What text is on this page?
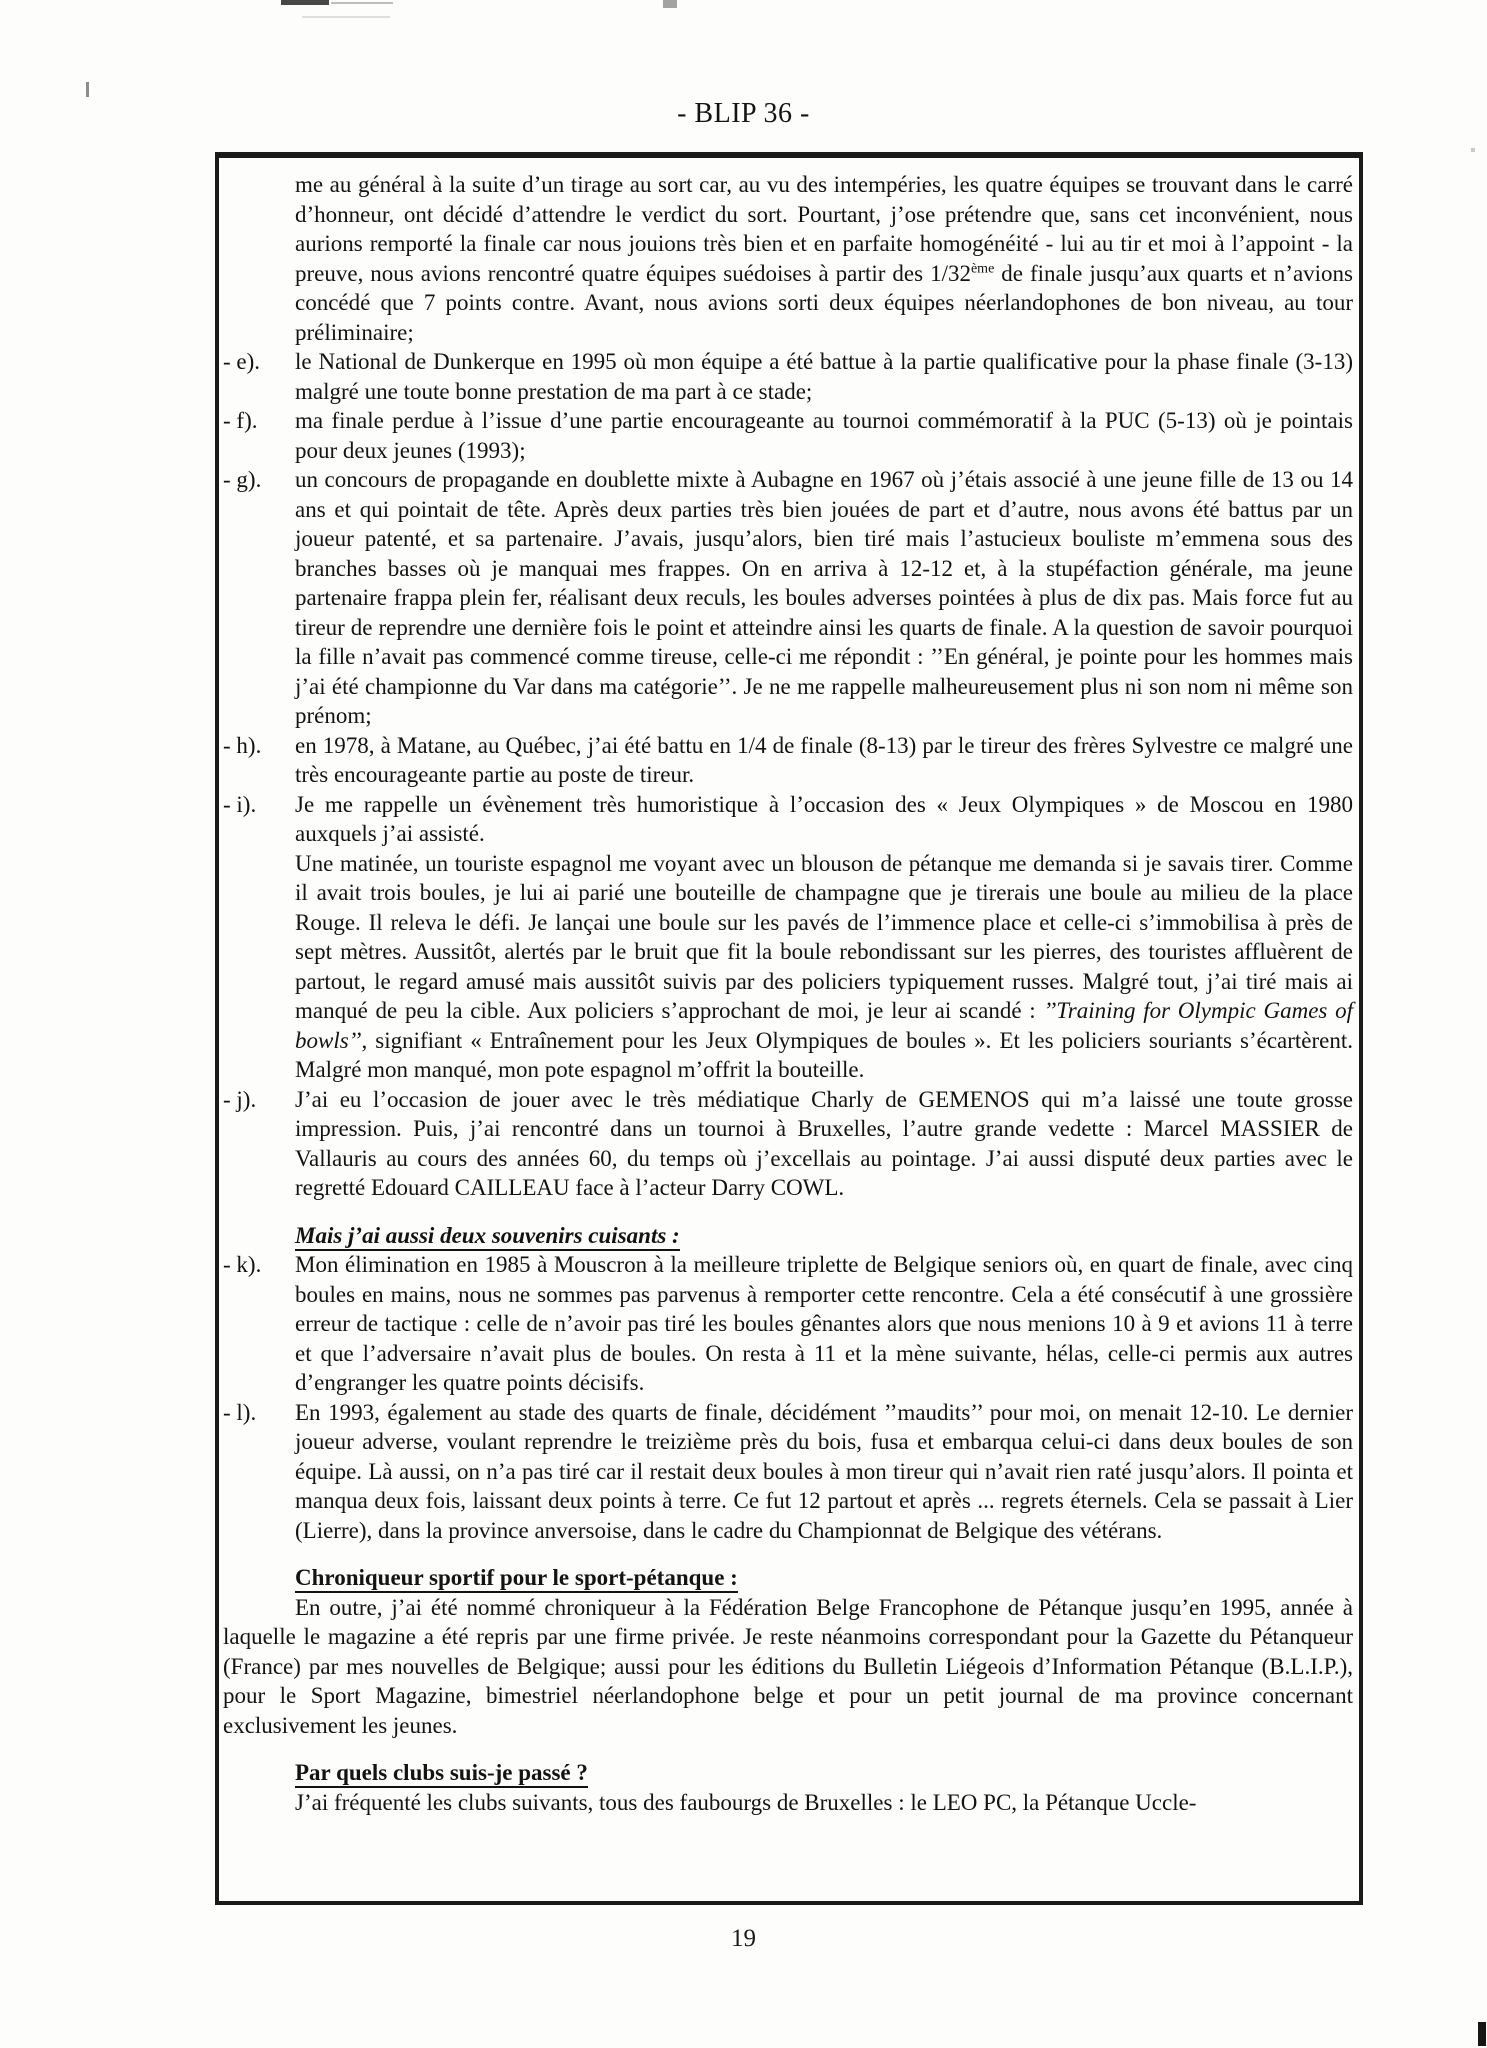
- BLIP 36 -

me au général à la suite d’un tirage au sort car, au vu des intempéries, les quatre équipes se trouvant dans le carré d’honneur, ont décidé d’attendre le verdict du sort. Pourtant, j’ose prétendre que, sans cet inconvénient, nous aurions remporté la finale car nous jouions très bien et en parfaite homogénéité - lui au tir et moi à l’appoint - la preuve, nous avions rencontré quatre équipes suédoises à partir des 1/32ème de finale jusqu’aux quarts et n’avions concédé que 7 points contre. Avant, nous avions sorti deux équipes néerlandophones de bon niveau, au tour préliminaire;

- e). le National de Dunkerque en 1995 où mon équipe a été battue à la partie qualificative pour la phase finale (3-13) malgré une toute bonne prestation de ma part à ce stade;
- f). ma finale perdue à l’issue d’une partie encourageante au tournoi commémoratif à la PUC (5-13) où je pointais pour deux jeunes (1993);
- g). un concours de propagande en doublette mixte à Aubagne en 1967 où j’étais associé à une jeune fille de 13 ou 14 ans et qui pointait de tête. Après deux parties très bien jouées de part et d’autre, nous avons été battus par un joueur patenté, et sa partenaire. J’avais, jusqu’alors, bien tiré mais l’astucieux bouliste m’emmena sous des branches basses où je manquai mes frappes. On en arriva à 12-12 et, à la stupéfaction générale, ma jeune partenaire frappa plein fer, réalisant deux reculs, les boules adverses pointées à plus de dix pas. Mais force fut au tireur de reprendre une dernière fois le point et atteindre ainsi les quarts de finale. A la question de savoir pourquoi la fille n’avait pas commencé comme tireuse, celle-ci me répondit : ’’En général, je pointe pour les hommes mais j’ai été championne du Var dans ma catégorie’’. Je ne me rappelle malheureusement plus ni son nom ni même son prénom;
- h). en 1978, à Matane, au Québec, j’ai été battu en 1/4 de finale (8-13) par le tireur des frères Sylvestre ce malgré une très encourageante partie au poste de tireur.
- i). Je me rappelle un évènement très humoristique à l’occasion des « Jeux Olympiques » de Moscou en 1980 auxquels j’ai assisté.

Une matinée, un touriste espagnol me voyant avec un blouson de pétanque me demanda si je savais tirer. Comme il avait trois boules, je lui ai parié une bouteille de champagne que je tirerais une boule au milieu de la place Rouge. Il releva le défi. Je lançai une boule sur les pavés de l’immence place et celle-ci s’immobilisa à près de sept mètres. Aussitôt, alertés par le bruit que fit la boule rebondissant sur les pierres, des touristes affluèrent de partout, le regard amusé mais aussitôt suivis par des policiers typiquement russes. Malgré tout, j’ai tiré mais ai manqué de peu la cible. Aux policiers s’approchant de moi, je leur ai scandé : ’’Training for Olympic Games of bowls’’, signifiant « Entraînement pour les Jeux Olympiques de boules ». Et les policiers souriants s’écartèrent. Malgré mon manqué, mon pote espagnol m’offrit la bouteille.

- j). J’ai eu l’occasion de jouer avec le très médiatique Charly de GEMENOS qui m’a laissé une toute grosse impression. Puis, j’ai rencontré dans un tournoi à Bruxelles, l’autre grande vedette : Marcel MASSIER de Vallauris au cours des années 60, du temps où j’excellais au pointage. J’ai aussi disputé deux parties avec le regretté Edouard CAILLEAU face à l’acteur Darry COWL.

Mais j’ai aussi deux souvenirs cuisants :

- k). Mon élimination en 1985 à Mouscron à la meilleure triplette de Belgique seniors où, en quart de finale, avec cinq boules en mains, nous ne sommes pas parvenus à remporter cette rencontre. Cela a été consécutif à une grossière erreur de tactique : celle de n’avoir pas tiré les boules gênantes alors que nous menions 10 à 9 et avions 11 à terre et que l’adversaire n’avait plus de boules. On resta à 11 et la mène suivante, hélas, celle-ci permis aux autres d’engranger les quatre points décisifs.
- l). En 1993, également au stade des quarts de finale, décidément ’’maudits’’ pour moi, on menait 12-10. Le dernier joueur adverse, voulant reprendre le treizième près du bois, fusa et embarqua celui-ci dans deux boules de son équipe. Là aussi, on n’a pas tiré car il restait deux boules à mon tireur qui n’avait rien raté jusqu’alors. Il pointa et manqua deux fois, laissant deux points à terre. Ce fut 12 partout et après ... regrets éternels. Cela se passait à Lier (Lierre), dans la province anversoise, dans le cadre du Championnat de Belgique des vétérans.

Chroniqueur sportif pour le sport-pétanque :

En outre, j’ai été nommé chroniqueur à la Fédération Belge Francophone de Pétanque jusqu’en 1995, année à laquelle le magazine a été repris par une firme privée. Je reste néanmoins correspondant pour la Gazette du Pétanqueur (France) par mes nouvelles de Belgique; aussi pour les éditions du Bulletin Liégeois d’Information Pétanque (B.L.I.P.), pour le Sport Magazine, bimestriel néerlandophone belge et pour un petit journal de ma province concernant exclusivement les jeunes.

Par quels clubs suis-je passé ?

J’ai fréquenté les clubs suivants, tous des faubourgs de Bruxelles : le LEO PC, la Pétanque Uccle-

19
